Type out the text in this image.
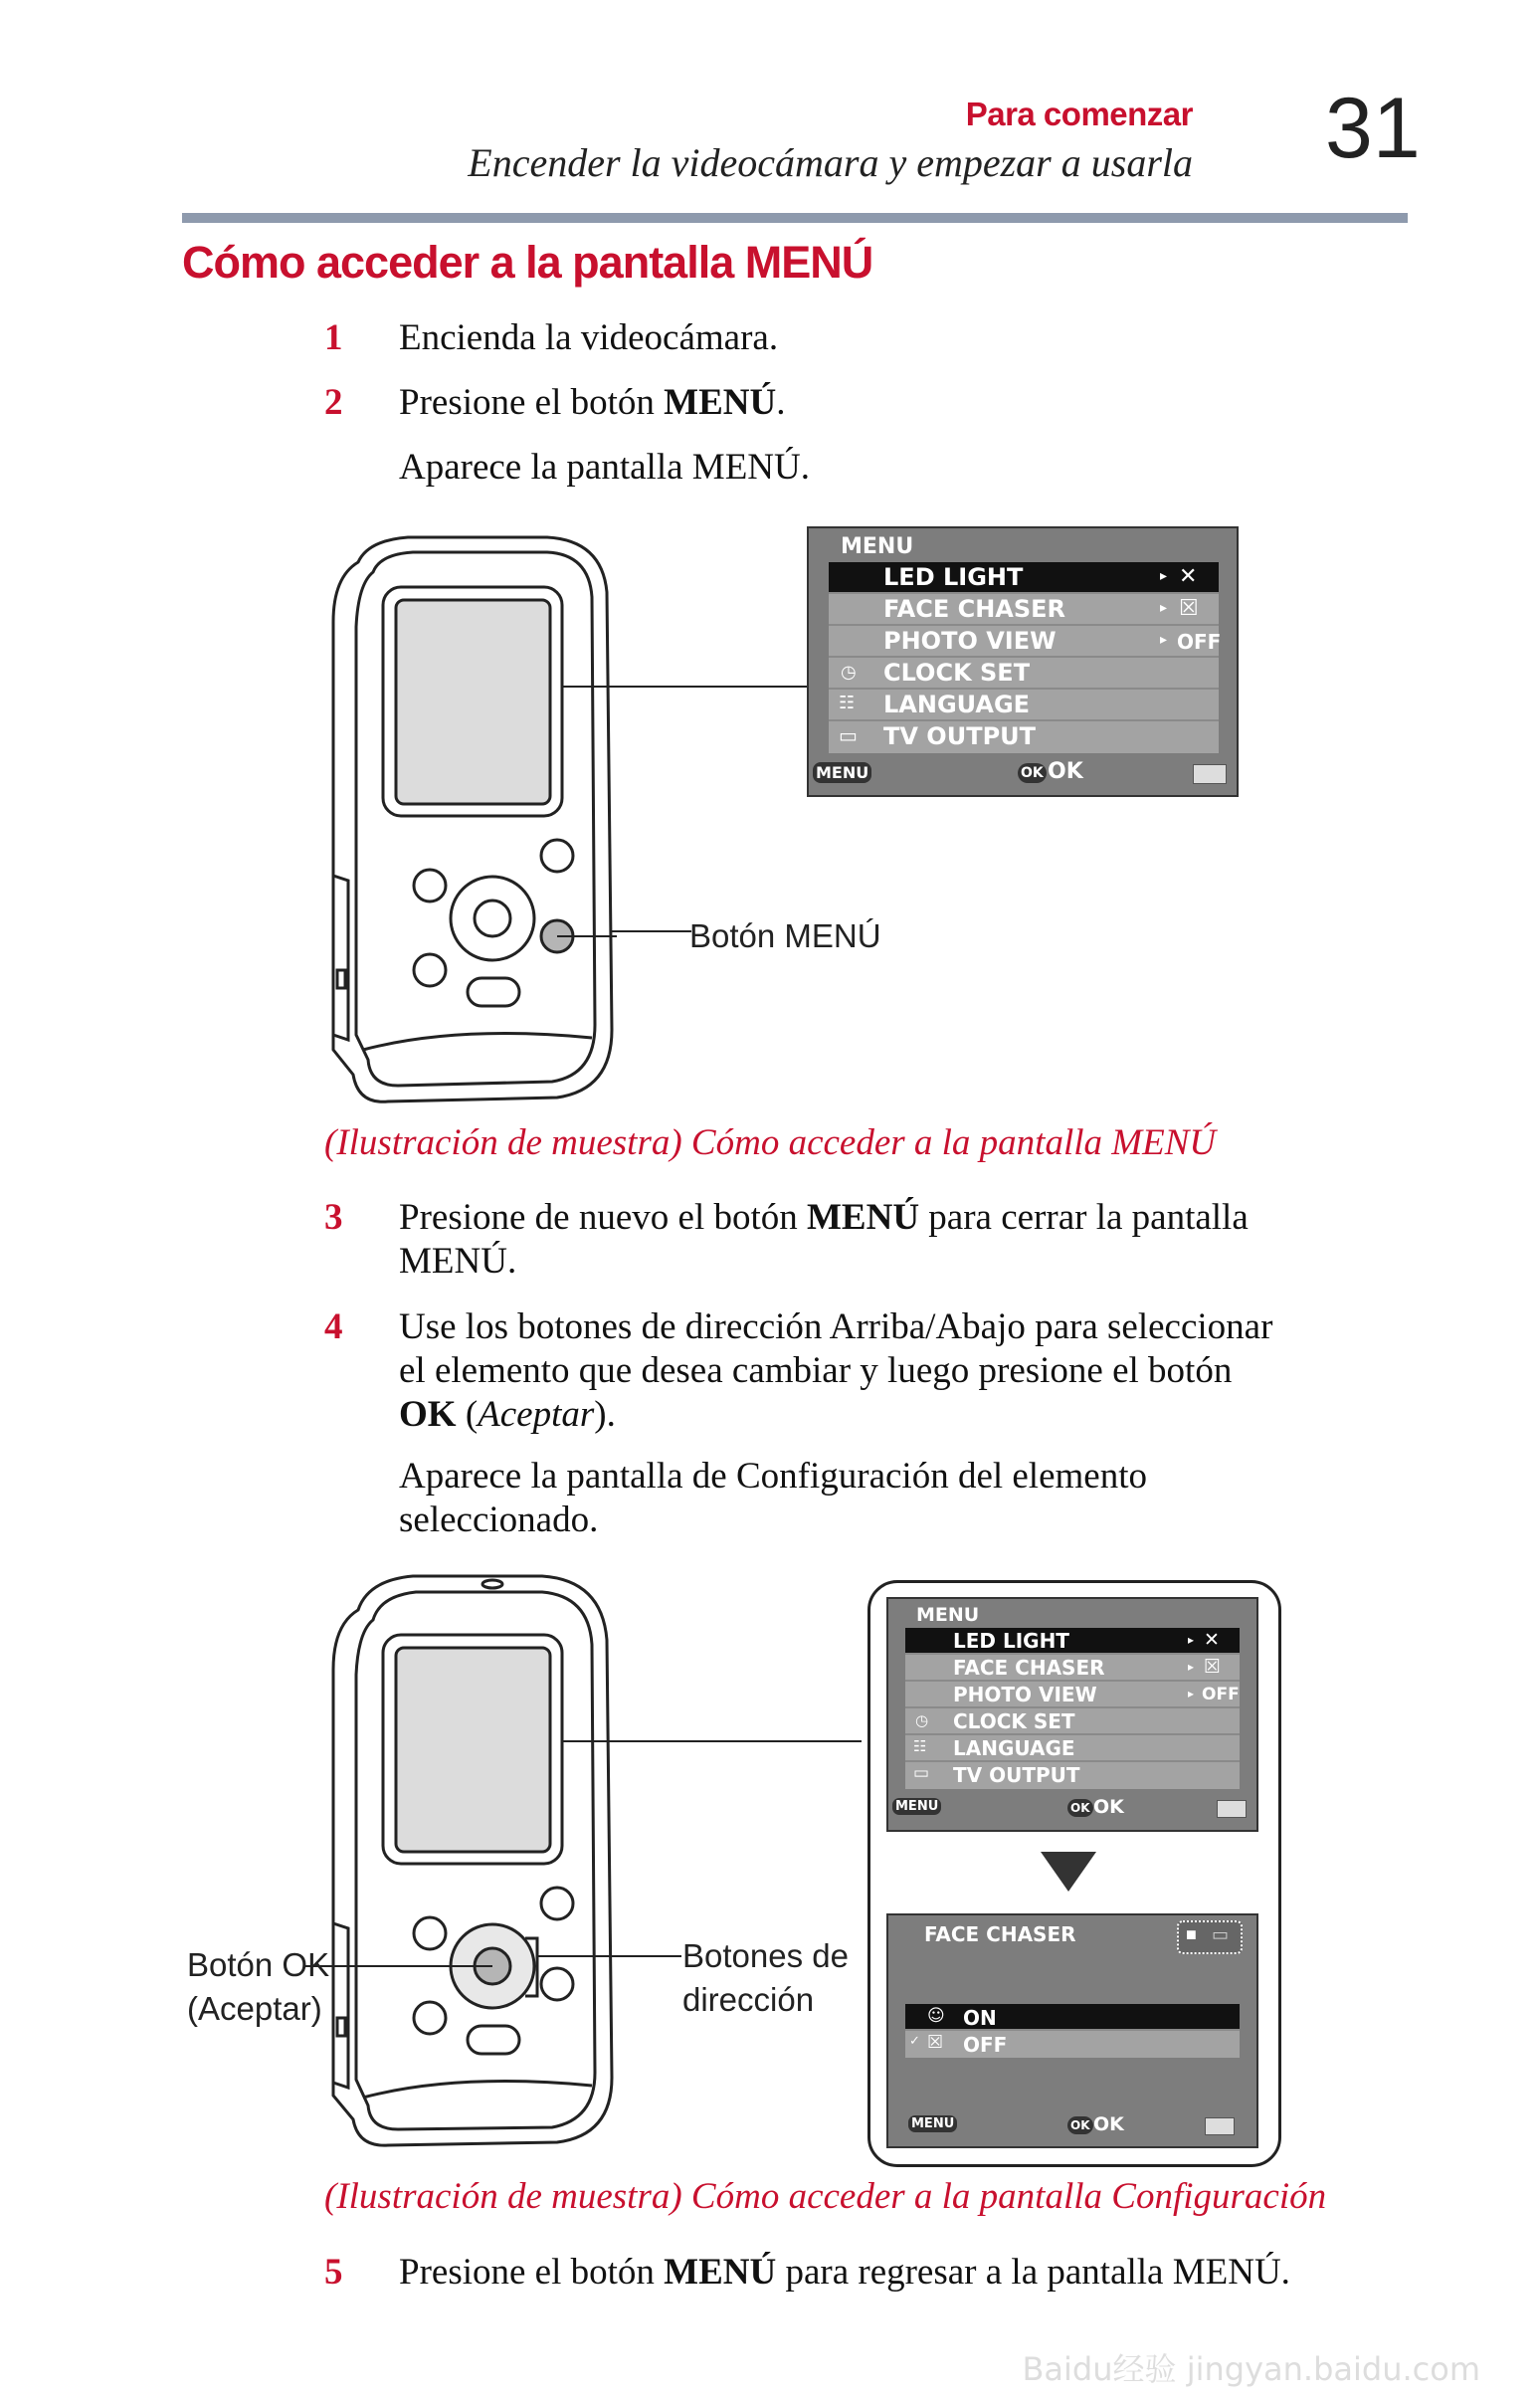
Para comenzar
Encender la videocámara y empezar a usarla 31
Cómo acceder a la pantalla MENÚ
1 Encienda la videocámara.
2 Presione el botón MENÚ.
Aparece la pantalla MENÚ.
Botón MENÚ
MENU
LED LIGHT	▸ ✕
FACE CHASER	▸ ☒
PHOTO VIEW	▸ OFF
◷ CLOCK SET
☷ LANGUAGE
▭ TV OUTPUT
MENU	OK OK
(Ilustración de muestra) Cómo acceder a la pantalla MENÚ
3 Presione de nuevo el botón MENÚ para cerrar la pantalla MENÚ.
4 Use los botones de dirección Arriba/Abajo para seleccionar
el elemento que desea cambiar y luego presione el botón
OK (Aceptar).
Aparece la pantalla de Configuración del elemento seleccionado.
Botón OK
(Aceptar)
Botones de
dirección
MENU
LED LIGHT	▸ ✕
FACE CHASER	▸ ☒
PHOTO VIEW	▸ OFF
◷ CLOCK SET
☷ LANGUAGE
▭ TV OUTPUT
MENU	OK OK
FACE CHASER	■ ▭
☺ ON
✓ ☒ OFF
MENU	OK OK
(Ilustración de muestra) Cómo acceder a la pantalla Configuración
5 Presione el botón MENÚ para regresar a la pantalla MENÚ.
Baidu经验 jingyan.baidu.com
